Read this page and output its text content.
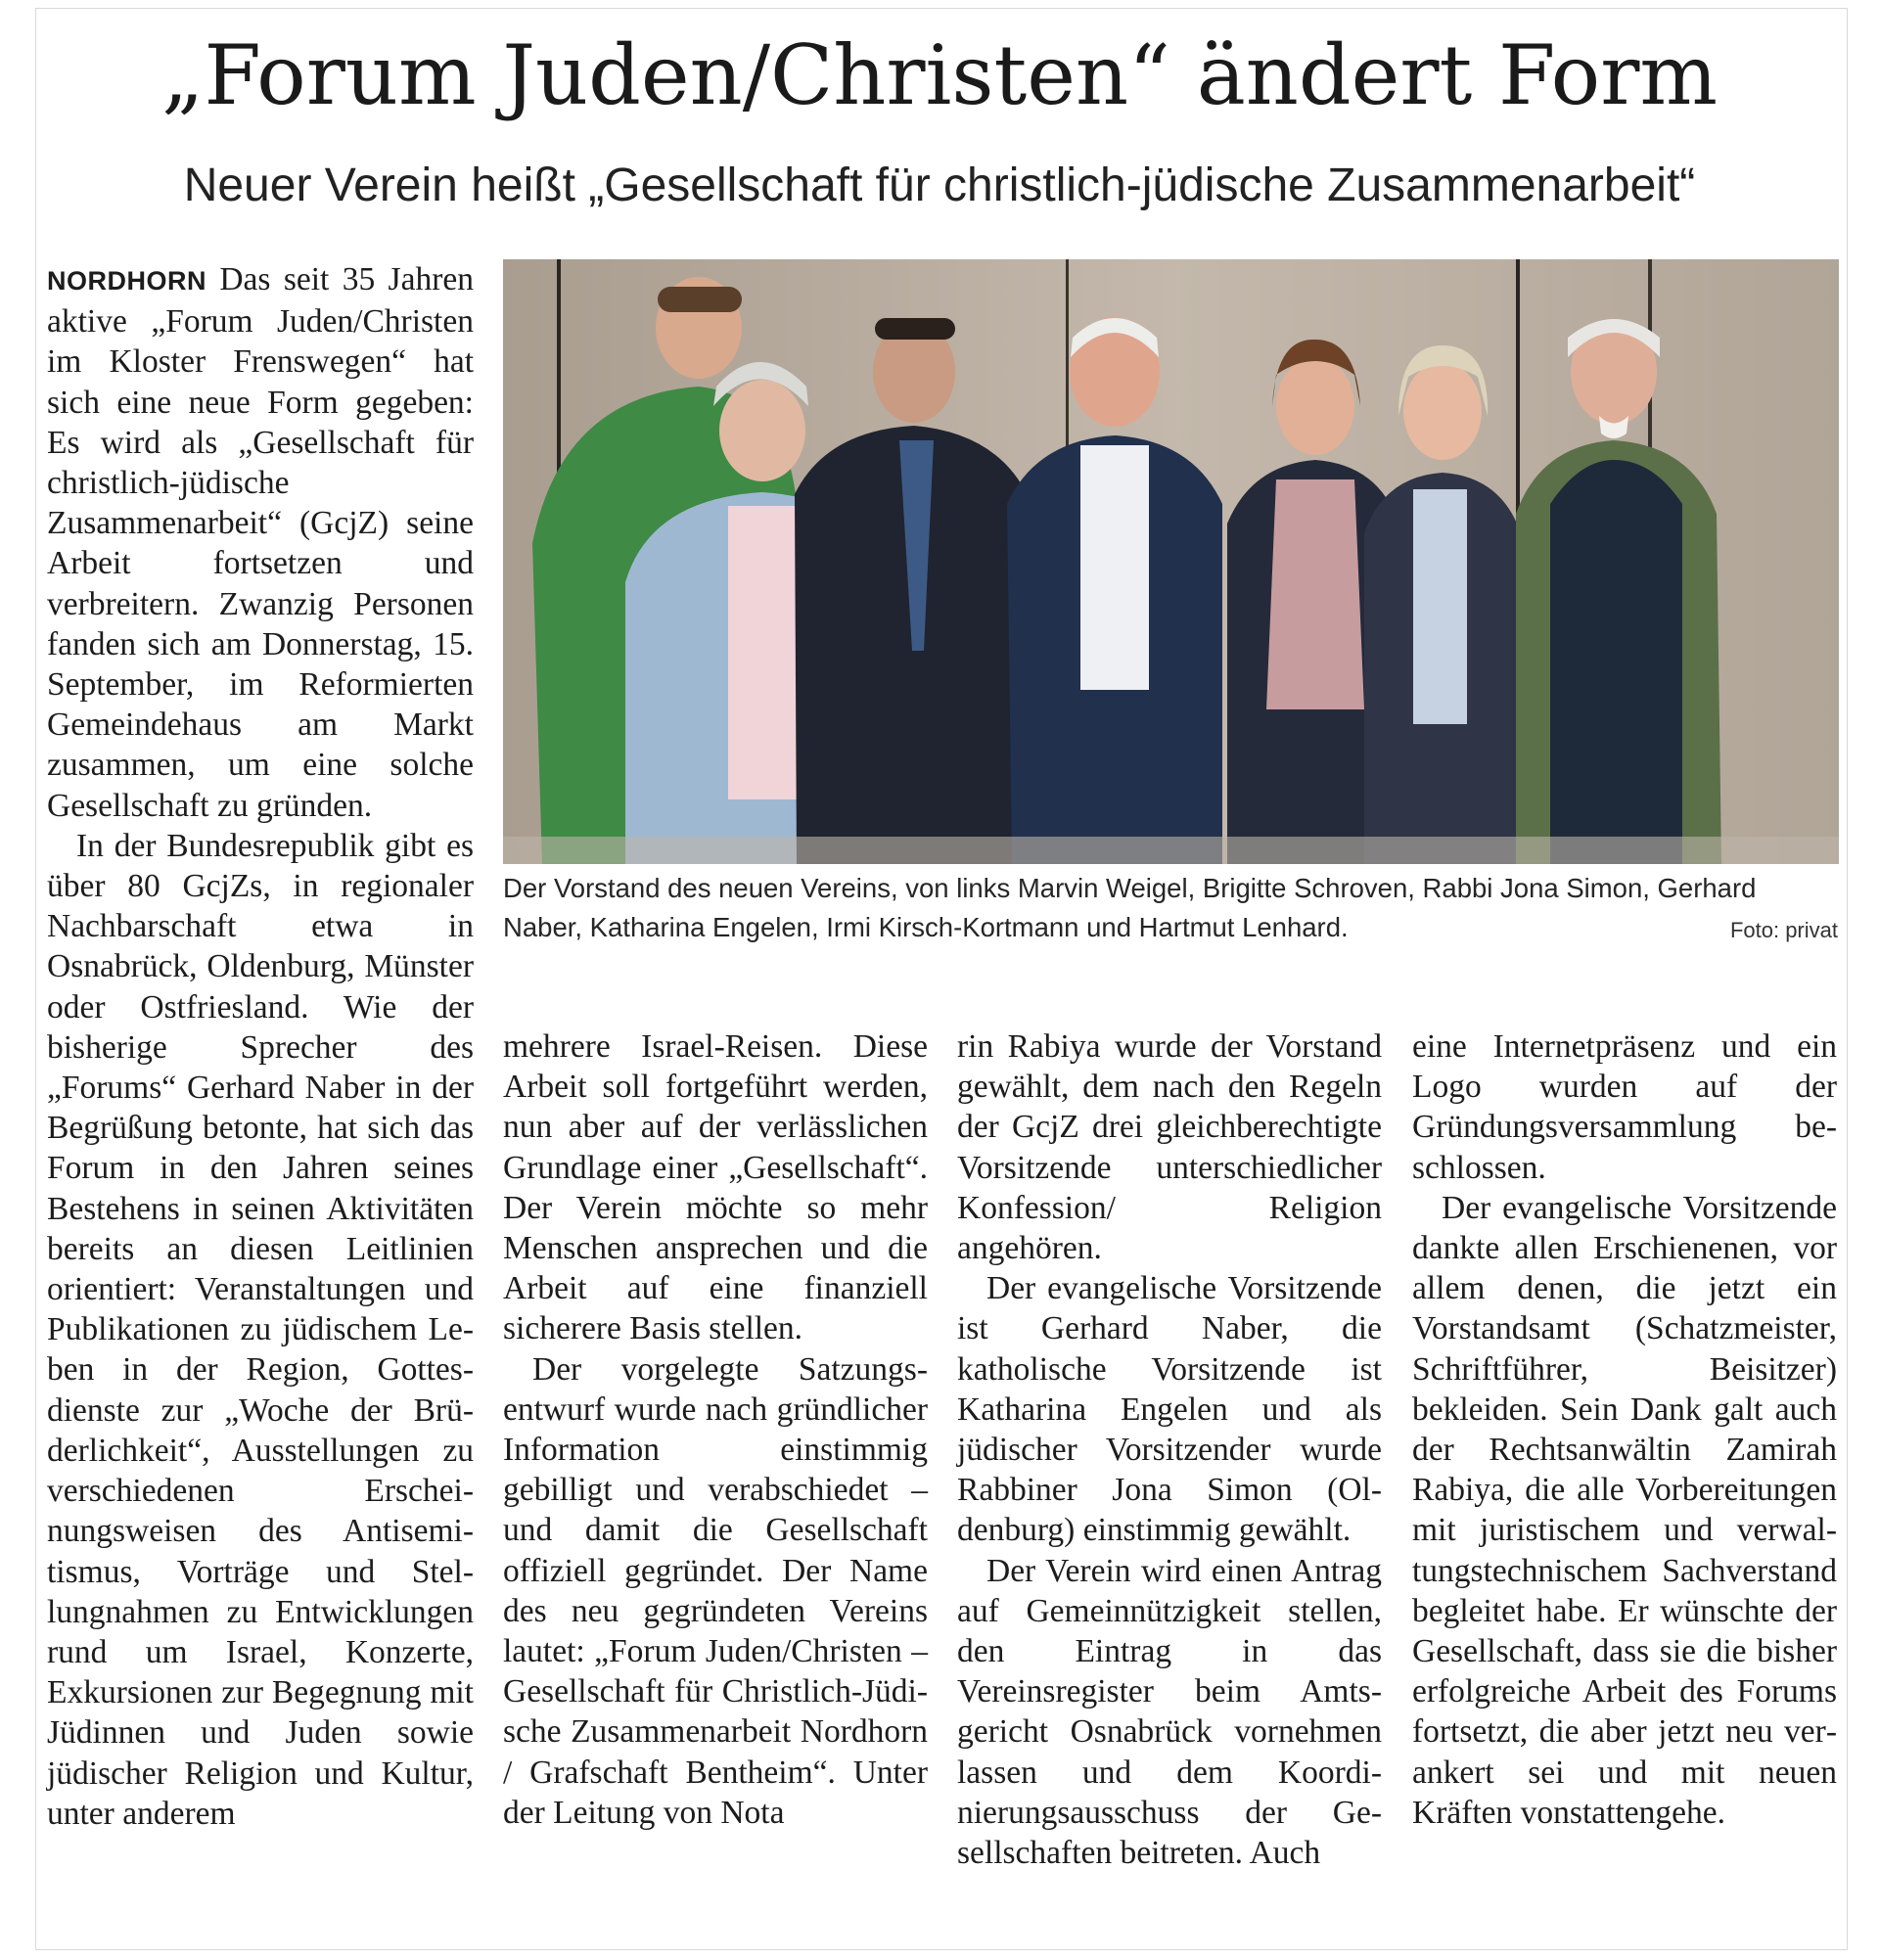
„Forum Juden/Christen“ ändert Form
Neuer Verein heißt „Gesellschaft für christlich-jüdische Zusammenarbeit“

NORDHORN Das seit 35 Jahren aktive „Forum Juden/Christen im Kloster Frenswegen“ hat sich eine neue Form gegeben: Es wird als „Gesellschaft für christlich-jüdische Zusammenarbeit“ (GcjZ) seine Arbeit fortsetzen und verbreitern. Zwanzig Personen fanden sich am Donnerstag, 15. September, im Reformierten Gemeindehaus am Markt zusammen, um eine solche Gesellschaft zu gründen.

In der Bundesrepublik gibt es über 80 GcjZs, in regionaler Nachbarschaft etwa in Osnabrück, Oldenburg, Münster oder Ostfriesland. Wie der bisherige Sprecher des „Forums“ Gerhard Naber in der Begrüßung betonte, hat sich das Forum in den Jahren seines Bestehens in seinen Aktivitäten bereits an diesen Leitlinien orientiert: Veranstaltungen und Publikationen zu jüdischem Leben in der Region, Gottesdienste zur „Woche der Brüderlichkeit“, Ausstellungen zu verschiedenen Erscheinungsweisen des Antisemitismus, Vorträge und Stellungnahmen zu Entwicklungen rund um Israel, Konzerte, Exkursionen zur Begegnung mit Jüdinnen und Juden sowie jüdischer Religion und Kultur, unter anderem

Der Vorstand des neuen Vereins, von links Marvin Weigel, Brigitte Schroven, Rabbi Jona Simon, Gerhard Naber, Katharina Engelen, Irmi Kirsch-Kortmann und Hartmut Lenhard.	Foto: privat

mehrere Israel-Reisen. Diese Arbeit soll fortgeführt werden, nun aber auf der verlässlichen Grundlage einer „Gesellschaft“. Der Verein möchte so mehr Menschen ansprechen und die Arbeit auf eine finanziell sicherere Basis stellen.

Der vorgelegte Satzungsentwurf wurde nach gründlicher Information einstimmig gebilligt und verabschiedet – und damit die Gesellschaft offiziell gegründet. Der Name des neu gegründeten Vereins lautet: „Forum Juden/Christen – Gesellschaft für Christlich-Jüdische Zusammenarbeit Nordhorn / Grafschaft Bentheim“. Unter der Leitung von Nota

rin Rabiya wurde der Vorstand gewählt, dem nach den Regeln der GcjZ drei gleichberechtigte Vorsitzende unterschiedlicher Konfession/ Religion angehören.

Der evangelische Vorsitzende ist Gerhard Naber, die katholische Vorsitzende ist Katharina Engelen und als jüdischer Vorsitzender wurde Rabbiner Jona Simon (Oldenburg) einstimmig gewählt.

Der Verein wird einen Antrag auf Gemeinnützigkeit stellen, den Eintrag in das Vereinsregister beim Amtsgericht Osnabrück vornehmen lassen und dem Koordinierungsausschuss der Gesellschaften beitreten. Auch

eine Internetpräsenz und ein Logo wurden auf der Gründungsversammlung beschlossen.

Der evangelische Vorsitzende dankte allen Erschienenen, vor allem denen, die jetzt ein Vorstandsamt (Schatzmeister, Schriftführer, Beisitzer) bekleiden. Sein Dank galt auch der Rechtsanwältin Zamirah Rabiya, die alle Vorbereitungen mit juristischem und verwaltungstechnischem Sachverstand begleitet habe. Er wünschte der Gesellschaft, dass sie die bisher erfolgreiche Arbeit des Forums fortsetzt, die aber jetzt neu verankert sei und mit neuen Kräften vonstattengehe.
